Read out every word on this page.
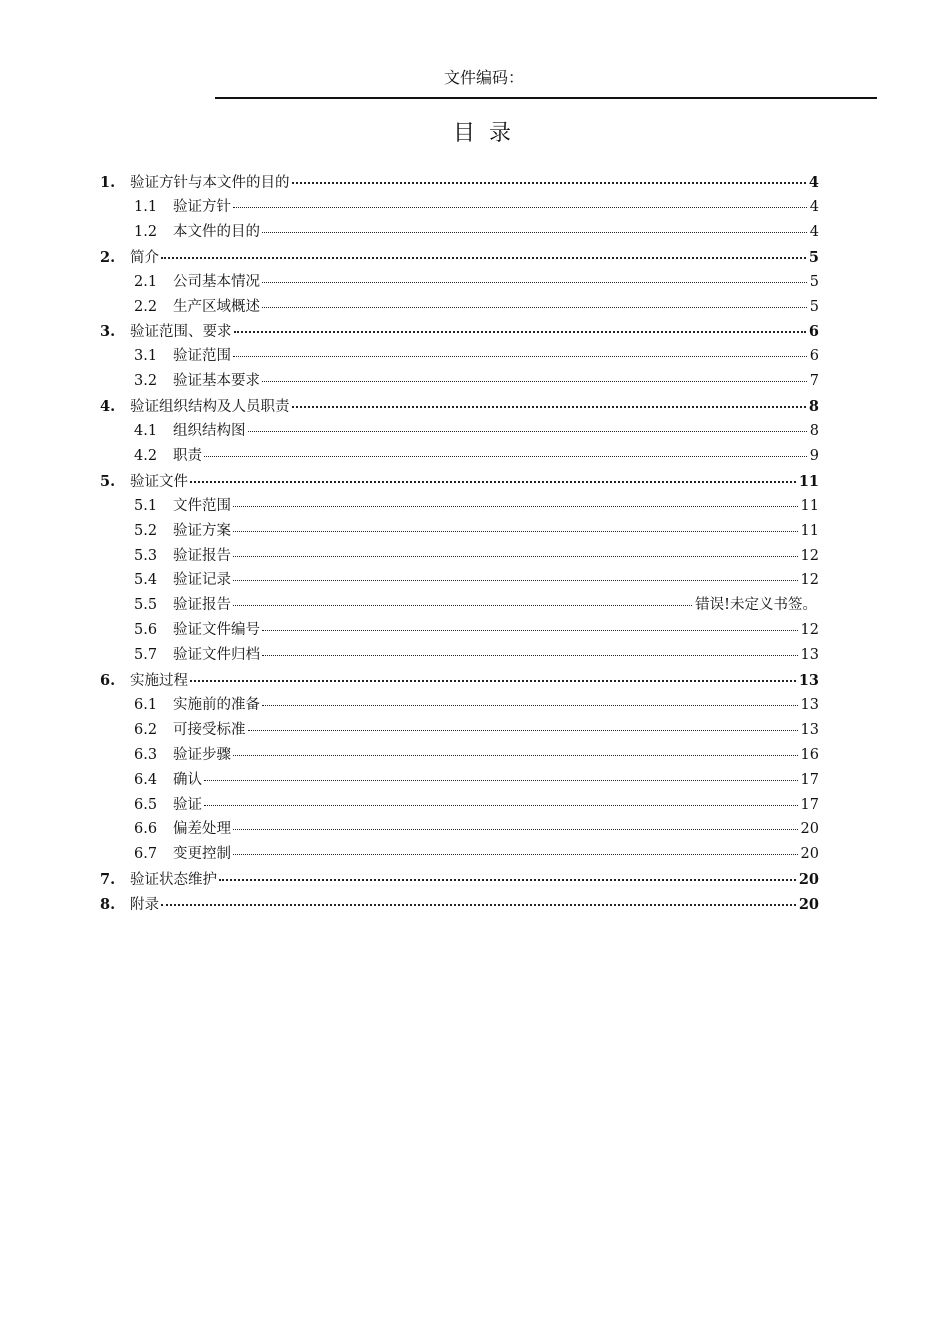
文件编码：
目录
1. 验证方针与本文件的目的	4
1.1 验证方针	4
1.2 本文件的目的	4
2. 简介	5
2.1 公司基本情况	5
2.2 生产区域概述	5
3. 验证范围、要求	6
3.1 验证范围	6
3.2 验证基本要求	7
4. 验证组织结构及人员职责	8
4.1 组织结构图	8
4.2 职责	9
5. 验证文件	11
5.1 文件范围	11
5.2 验证方案	11
5.3 验证报告	12
5.4 验证记录	12
5.5 验证报告	错误!未定义书签。
5.6 验证文件编号	12
5.7 验证文件归档	13
6. 实施过程	13
6.1 实施前的准备	13
6.2 可接受标准	13
6.3 验证步骤	16
6.4 确认	17
6.5 验证	17
6.6 偏差处理	20
6.7 变更控制	20
7. 验证状态维护	20
8. 附录	20
